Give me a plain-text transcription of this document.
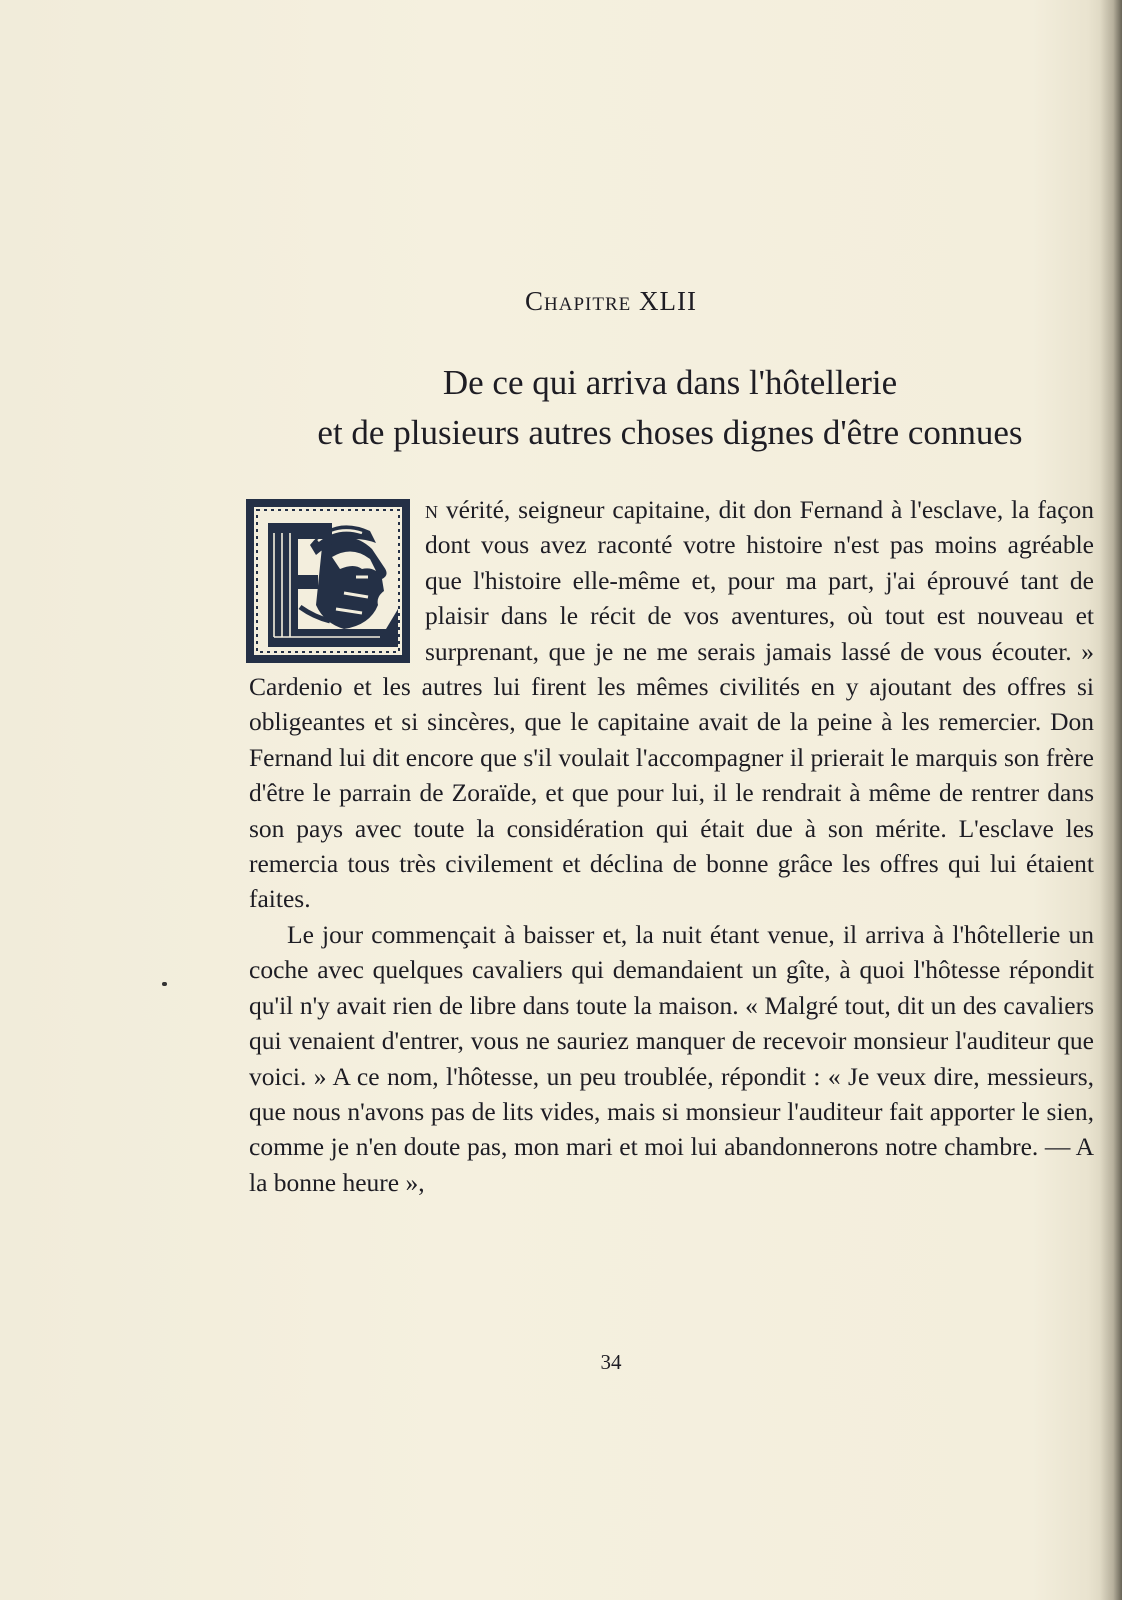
Chapitre XLII
De ce qui arriva dans l'hôtellerie
et de plusieurs autres choses dignes d'être connues

n vérité, seigneur capitaine, dit don Fernand à l'esclave, la façon dont vous avez raconté votre histoire n'est pas moins agréable que l'histoire elle-même et, pour ma part, j'ai éprouvé tant de plaisir dans le récit de vos aventures, où tout est nouveau et surprenant, que je ne me serais jamais lassé de vous écouter. » Cardenio et les autres lui firent les mêmes civilités en y ajoutant des offres si obligeantes et si sincères, que le capitaine avait de la peine à les remercier. Don Fernand lui dit encore que s'il voulait l'accompagner il prierait le marquis son frère d'être le parrain de Zoraïde, et que pour lui, il le rendrait à même de rentrer dans son pays avec toute la considération qui était due à son mérite. L'esclave les remercia tous très civilement et déclina de bonne grâce les offres qui lui étaient faites.

Le jour commençait à baisser et, la nuit étant venue, il arriva à l'hôtellerie un coche avec quelques cavaliers qui demandaient un gîte, à quoi l'hôtesse répondit qu'il n'y avait rien de libre dans toute la maison. « Malgré tout, dit un des cavaliers qui venaient d'entrer, vous ne sauriez manquer de recevoir monsieur l'auditeur que voici. » A ce nom, l'hôtesse, un peu troublée, répondit : « Je veux dire, messieurs, que nous n'avons pas de lits vides, mais si monsieur l'auditeur fait apporter le sien, comme je n'en doute pas, mon mari et moi lui abandonnerons notre chambre. — A la bonne heure »,

34
